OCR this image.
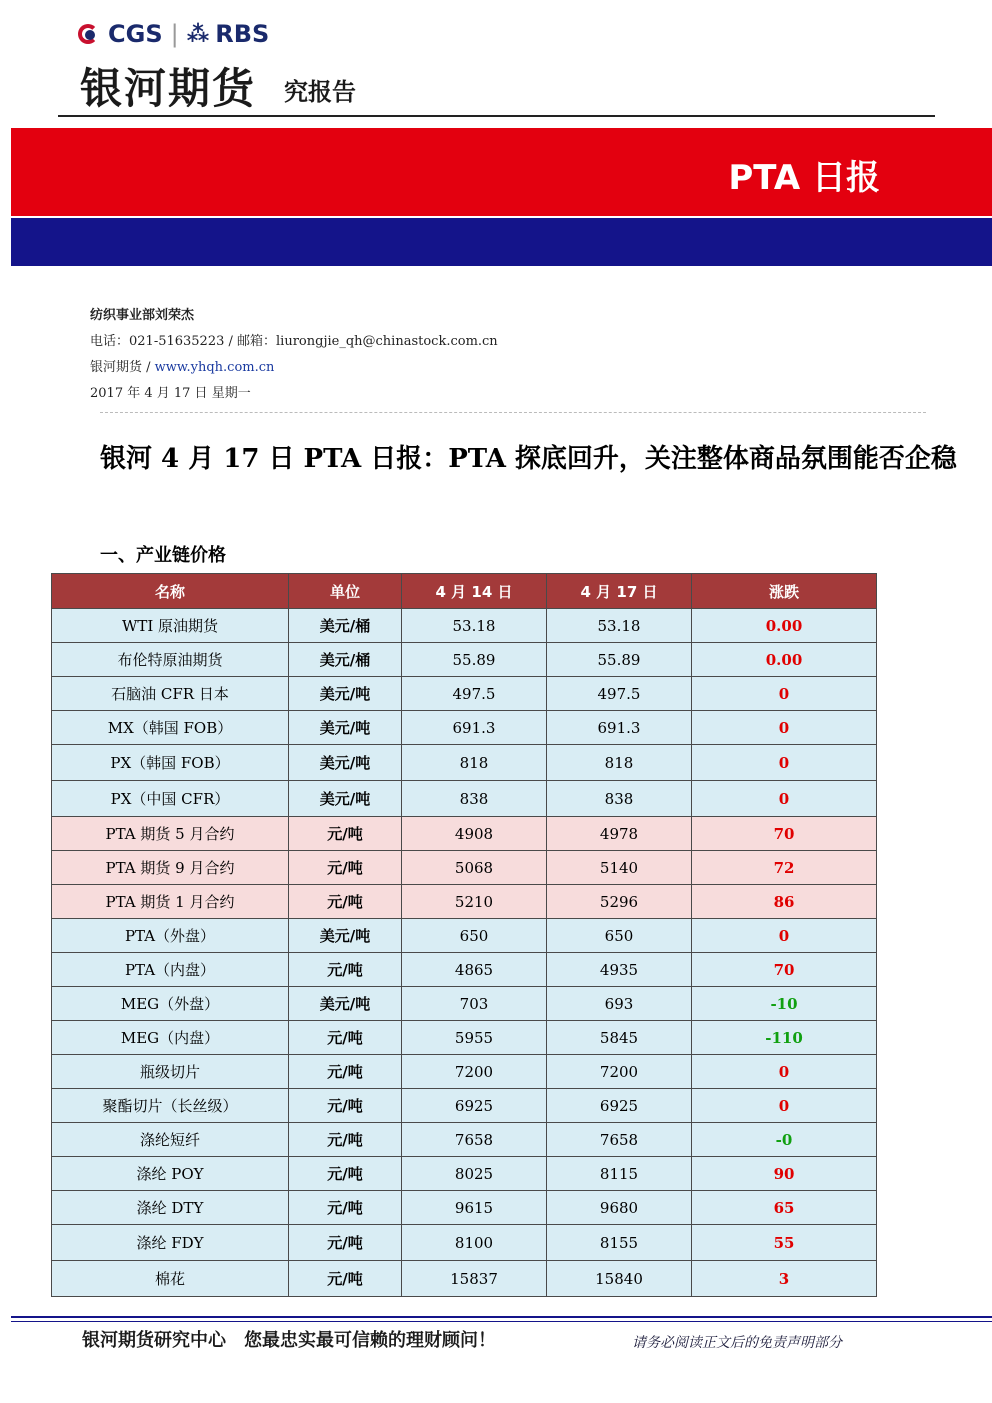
CGS | ⁂ RBS
银河期货 究报告
PTA 日报
纺织事业部刘荣杰
电话：021-51635223 / 邮箱：liurongjie_qh@chinastock.com.cn
银河期货 / www.yhqh.com.cn
2017 年 4 月 17 日 星期一
银河 4 月 17 日 PTA 日报：PTA 探底回升，关注整体商品氛围能否企稳
一、产业链价格
名称	单位	4 月 14 日	4 月 17 日	涨跌
WTI 原油期货	美元/桶	53.18	53.18	0.00
布伦特原油期货	美元/桶	55.89	55.89	0.00
石脑油 CFR 日本	美元/吨	497.5	497.5	0
MX（韩国 FOB）	美元/吨	691.3	691.3	0
PX（韩国 FOB）	美元/吨	818	818	0
PX（中国 CFR）	美元/吨	838	838	0
PTA 期货 5 月合约	元/吨	4908	4978	70
PTA 期货 9 月合约	元/吨	5068	5140	72
PTA 期货 1 月合约	元/吨	5210	5296	86
PTA（外盘）	美元/吨	650	650	0
PTA（内盘）	元/吨	4865	4935	70
MEG（外盘）	美元/吨	703	693	-10
MEG（内盘）	元/吨	5955	5845	-110
瓶级切片	元/吨	7200	7200	0
聚酯切片（长丝级）	元/吨	6925	6925	0
涤纶短纤	元/吨	7658	7658	-0
涤纶 POY	元/吨	8025	8115	90
涤纶 DTY	元/吨	9615	9680	65
涤纶 FDY	元/吨	8100	8155	55
棉花	元/吨	15837	15840	3
银河期货研究中心　您最忠实最可信赖的理财顾问！	请务必阅读正文后的免责声明部分
